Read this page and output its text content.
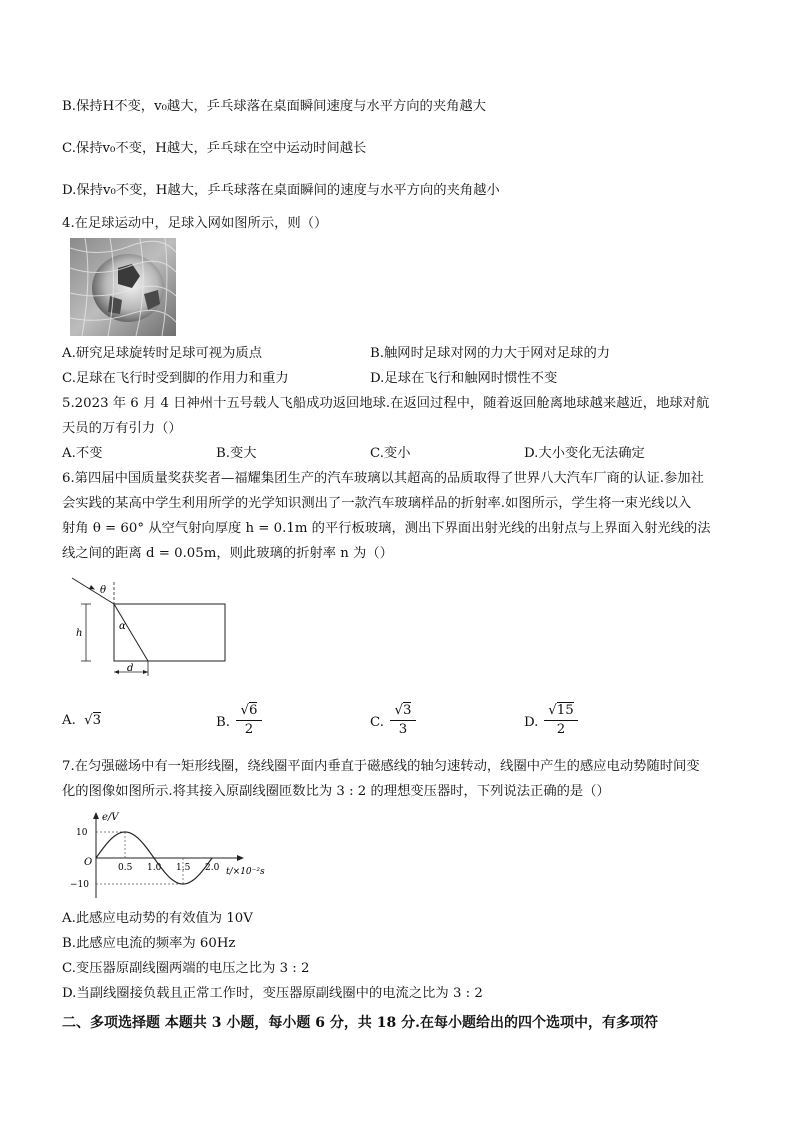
B.保持H不变，v₀越大，乒乓球落在桌面瞬间速度与水平方向的夹角越大
C.保持v₀不变，H越大，乒乓球在空中运动时间越长
D.保持v₀不变，H越大，乒乓球落在桌面瞬间的速度与水平方向的夹角越小
4.在足球运动中，足球入网如图所示，则（）
A.研究足球旋转时足球可视为质点	B.触网时足球对网的力大于网对足球的力
C.足球在飞行时受到脚的作用力和重力	D.足球在飞行和触网时惯性不变
5.2023 年 6 月 4 日神州十五号载人飞船成功返回地球.在返回过程中，随着返回舱离地球越来越近，地球对航
天员的万有引力（）
A.不变	B.变大	C.变小	D.大小变化无法确定
6.第四届中国质量奖获奖者—福耀集团生产的汽车玻璃以其超高的品质取得了世界八大汽车厂商的认证.参加社
会实践的某高中学生利用所学的光学知识测出了一款汽车玻璃样品的折射率.如图所示，学生将一束光线以入
射角 θ = 60° 从空气射向厚度 h = 0.1m 的平行板玻璃，测出下界面出射光线的出射点与上界面入射光线的法
线之间的距离 d = 0.05m，则此玻璃的折射率 n 为（）
h
d
θ
α
A. √3	B.
√6
2	C.
√3
3	D.
√15
2
7.在匀强磁场中有一矩形线圈，绕线圈平面内垂直于磁感线的轴匀速转动，线圈中产生的感应电动势随时间变
化的图像如图所示.将其接入原副线圈匝数比为 3 : 2 的理想变压器时，下列说法正确的是（）
e/V
t/×10⁻²s
O	0.5 1.0 1.5 2.0
10
−10
A.此感应电动势的有效值为 10V
B.此感应电流的频率为 60Hz
C.变压器原副线圈两端的电压之比为 3 : 2
D.当副线圈接负载且正常工作时，变压器原副线圈中的电流之比为 3 : 2
二、多项选择题 本题共 3 小题，每小题 6 分，共 18 分.在每小题给出的四个选项中，有多项符
